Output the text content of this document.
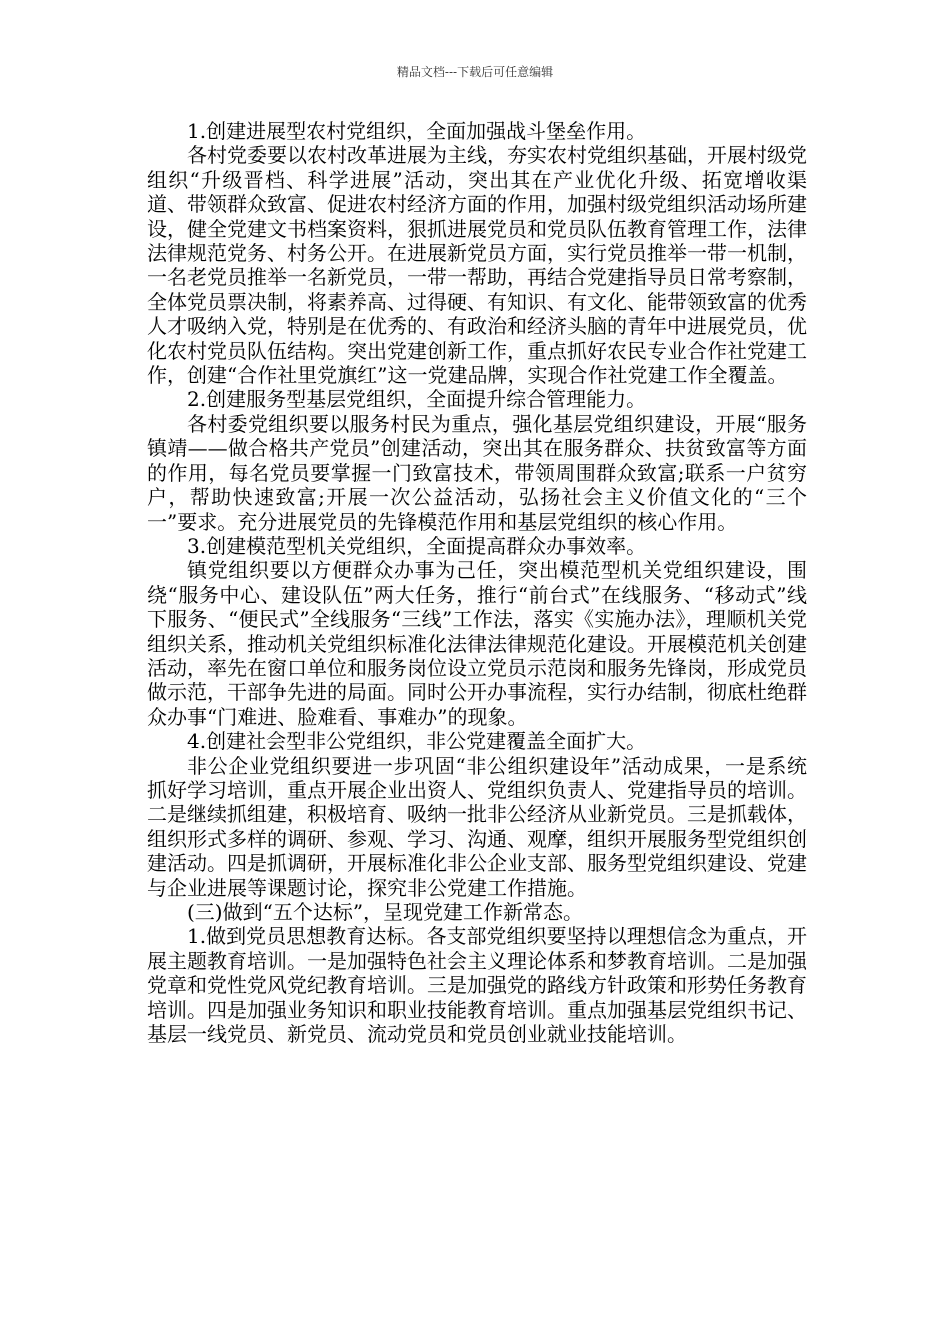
精品文档---下载后可任意编辑

1.创建进展型农村党组织，全面加强战斗堡垒作用。

各村党委要以农村改革进展为主线，夯实农村党组织基础，开展村级党组织“升级晋档、科学进展”活动，突出其在产业优化升级、拓宽增收渠道、带领群众致富、促进农村经济方面的作用，加强村级党组织活动场所建设，健全党建文书档案资料，狠抓进展党员和党员队伍教育管理工作，法律法律规范党务、村务公开。在进展新党员方面，实行党员推举一带一机制，一名老党员推举一名新党员，一带一帮助，再结合党建指导员日常考察制，全体党员票决制，将素养高、过得硬、有知识、有文化、能带领致富的优秀人才吸纳入党，特别是在优秀的、有政治和经济头脑的青年中进展党员，优化农村党员队伍结构。突出党建创新工作，重点抓好农民专业合作社党建工作，创建“合作社里党旗红”这一党建品牌，实现合作社党建工作全覆盖。

2.创建服务型基层党组织，全面提升综合管理能力。

各村委党组织要以服务村民为重点，强化基层党组织建设，开展“服务镇靖——做合格共产党员”创建活动，突出其在服务群众、扶贫致富等方面的作用，每名党员要掌握一门致富技术，带领周围群众致富;联系一户贫穷户，帮助快速致富;开展一次公益活动，弘扬社会主义价值文化的“三个一”要求。充分进展党员的先锋模范作用和基层党组织的核心作用。

3.创建模范型机关党组织，全面提高群众办事效率。

镇党组织要以方便群众办事为己任，突出模范型机关党组织建设，围绕“服务中心、建设队伍”两大任务，推行“前台式”在线服务、“移动式”线下服务、“便民式”全线服务“三线”工作法，落实《实施办法》，理顺机关党组织关系，推动机关党组织标准化法律法律规范化建设。开展模范机关创建活动，率先在窗口单位和服务岗位设立党员示范岗和服务先锋岗，形成党员做示范，干部争先进的局面。同时公开办事流程，实行办结制，彻底杜绝群众办事“门难进、脸难看、事难办”的现象。

4.创建社会型非公党组织，非公党建覆盖全面扩大。

非公企业党组织要进一步巩固“非公组织建设年”活动成果，一是系统抓好学习培训，重点开展企业出资人、党组织负责人、党建指导员的培训。二是继续抓组建，积极培育、吸纳一批非公经济从业新党员。三是抓载体，组织形式多样的调研、参观、学习、沟通、观摩，组织开展服务型党组织创建活动。四是抓调研，开展标准化非公企业支部、服务型党组织建设、党建与企业进展等课题讨论，探究非公党建工作措施。

(三)做到“五个达标”，呈现党建工作新常态。

1.做到党员思想教育达标。各支部党组织要坚持以理想信念为重点，开展主题教育培训。一是加强特色社会主义理论体系和梦教育培训。二是加强党章和党性党风党纪教育培训。三是加强党的路线方针政策和形势任务教育培训。四是加强业务知识和职业技能教育培训。重点加强基层党组织书记、基层一线党员、新党员、流动党员和党员创业就业技能培训。
